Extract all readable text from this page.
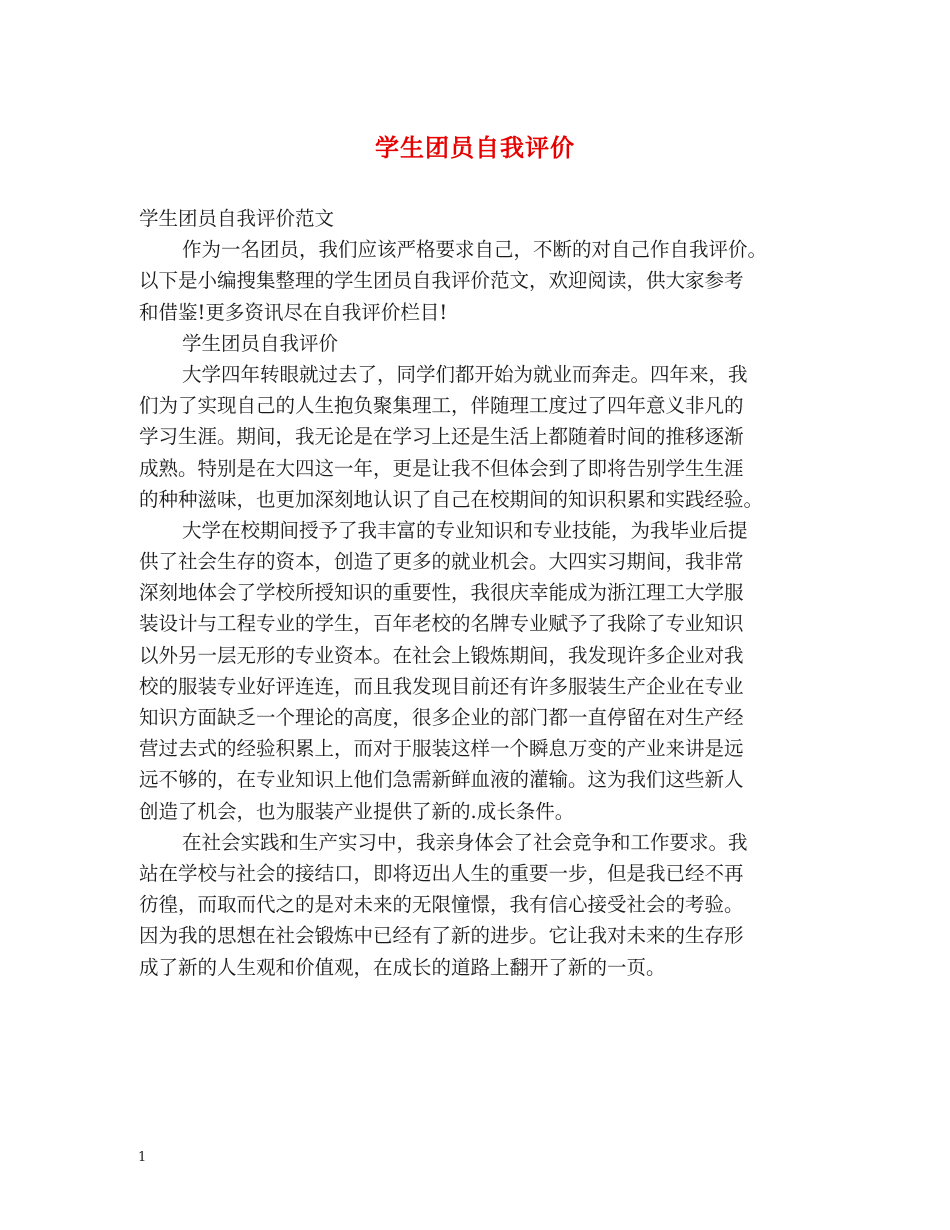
学生团员自我评价
学生团员自我评价范文
作为一名团员，我们应该严格要求自己，不断的对自己作自我评价。
以下是小编搜集整理的学生团员自我评价范文，欢迎阅读，供大家参考
和借鉴!更多资讯尽在自我评价栏目!
学生团员自我评价
大学四年转眼就过去了，同学们都开始为就业而奔走。四年来，我
们为了实现自己的人生抱负聚集理工，伴随理工度过了四年意义非凡的
学习生涯。期间，我无论是在学习上还是生活上都随着时间的推移逐渐
成熟。特别是在大四这一年，更是让我不但体会到了即将告别学生生涯
的种种滋味，也更加深刻地认识了自己在校期间的知识积累和实践经验。
大学在校期间授予了我丰富的专业知识和专业技能，为我毕业后提
供了社会生存的资本，创造了更多的就业机会。大四实习期间，我非常
深刻地体会了学校所授知识的重要性，我很庆幸能成为浙江理工大学服
装设计与工程专业的学生，百年老校的名牌专业赋予了我除了专业知识
以外另一层无形的专业资本。在社会上锻炼期间，我发现许多企业对我
校的服装专业好评连连，而且我发现目前还有许多服装生产企业在专业
知识方面缺乏一个理论的高度，很多企业的部门都一直停留在对生产经
营过去式的经验积累上，而对于服装这样一个瞬息万变的产业来讲是远
远不够的，在专业知识上他们急需新鲜血液的灌输。这为我们这些新人
创造了机会，也为服装产业提供了新的.成长条件。
在社会实践和生产实习中，我亲身体会了社会竞争和工作要求。我
站在学校与社会的接结口，即将迈出人生的重要一步，但是我已经不再
彷徨，而取而代之的是对未来的无限憧憬，我有信心接受社会的考验。
因为我的思想在社会锻炼中已经有了新的进步。它让我对未来的生存形
成了新的人生观和价值观，在成长的道路上翻开了新的一页。
1
